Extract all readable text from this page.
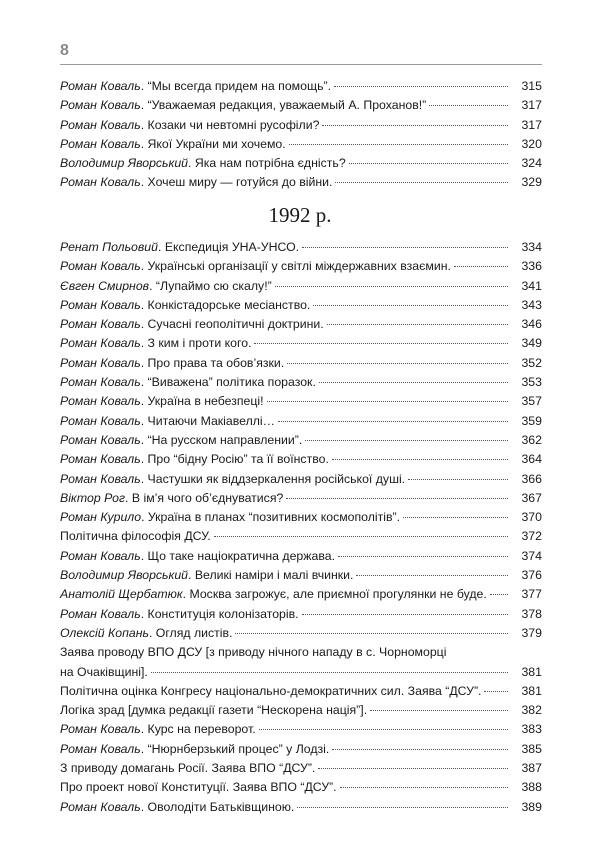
8
Роман Коваль. “Мы всегда придем на помощь”.	315
Роман Коваль. “Уважаемая редакция, уважаемый А. Проханов!”	317
Роман Коваль. Козаки чи невтомні русофіли?	317
Роман Коваль. Якої України ми хочемо.	320
Володимир Яворський. Яка нам потрібна єдність?	324
Роман Коваль. Хочеш миру — готуйся до війни.	329
1992 р.
Ренат Польовий. Експедиція УНА-УНСО.	334
Роман Коваль. Українські організації у світлі міждержавних взаємин.	336
Євген Смирнов. “Лупаймо сю скалу!”	341
Роман Коваль. Конкістадорське месіанство.	343
Роман Коваль. Сучасні геополітичні доктрини.	346
Роман Коваль. З ким і проти кого.	349
Роман Коваль. Про права та обов’язки.	352
Роман Коваль. “Виважена” політика поразок.	353
Роман Коваль. Україна в небезпеці!	357
Роман Коваль. Читаючи Макіавеллі…	359
Роман Коваль. “На русском направлении”.	362
Роман Коваль. Про “бідну Росію” та її воїнство.	364
Роман Коваль. Частушки як віддзеркалення російської душі.	366
Віктор Рог. В ім’я чого об’єднуватися?	367
Роман Курило. Україна в планах “позитивних космополітів”.	370
Політична філософія ДСУ.	372
Роман Коваль. Що таке націократична держава.	374
Володимир Яворський. Великі наміри і малі вчинки.	376
Анатолій Щербатюк. Москва загрожує, але приємної прогулянки не буде.	377
Роман Коваль. Конституція колонізаторів.	378
Олексій Копань. Огляд листів.	379
Заява проводу ВПО ДСУ [з приводу нічного нападу в с. Чорноморці
на Очаківщині].	381
Політична оцінка Конгресу національно-демократичних сил. Заява “ДСУ”.	381
Логіка зрад [думка редакції газети “Нескорена нація”].	382
Роман Коваль. Курс на переворот.	383
Роман Коваль. “Нюрнберзький процес” у Лодзі.	385
З приводу домагань Росії. Заява ВПО “ДСУ”.	387
Про проект нової Конституції. Заява ВПО “ДСУ”.	388
Роман Коваль. Оволодіти Батьківщиною.	389
